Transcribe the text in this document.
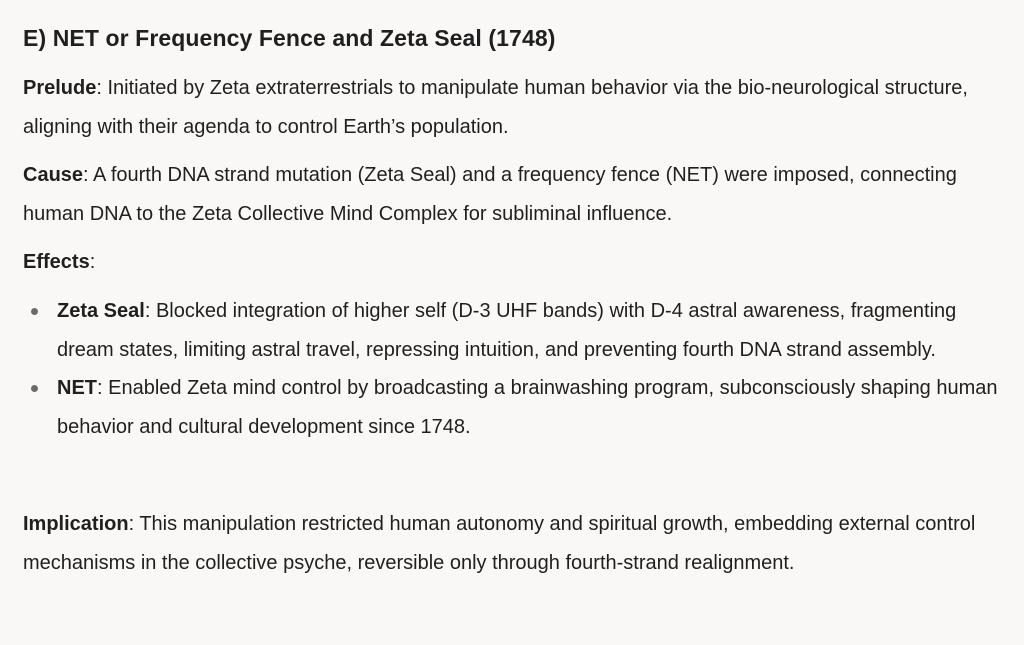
E) NET or Frequency Fence and Zeta Seal (1748)

Prelude: Initiated by Zeta extraterrestrials to manipulate human behavior via the bio-neurological structure, aligning with their agenda to control Earth’s population.

Cause: A fourth DNA strand mutation (Zeta Seal) and a frequency fence (NET) were imposed, connecting human DNA to the Zeta Collective Mind Complex for subliminal influence.

Effects:

Zeta Seal: Blocked integration of higher self (D-3 UHF bands) with D-4 astral awareness, fragmenting dream states, limiting astral travel, repressing intuition, and preventing fourth DNA strand assembly.
NET: Enabled Zeta mind control by broadcasting a brainwashing program, subconsciously shaping human behavior and cultural development since 1748.

Implication: This manipulation restricted human autonomy and spiritual growth, embedding external control mechanisms in the collective psyche, reversible only through fourth-strand realignment.
